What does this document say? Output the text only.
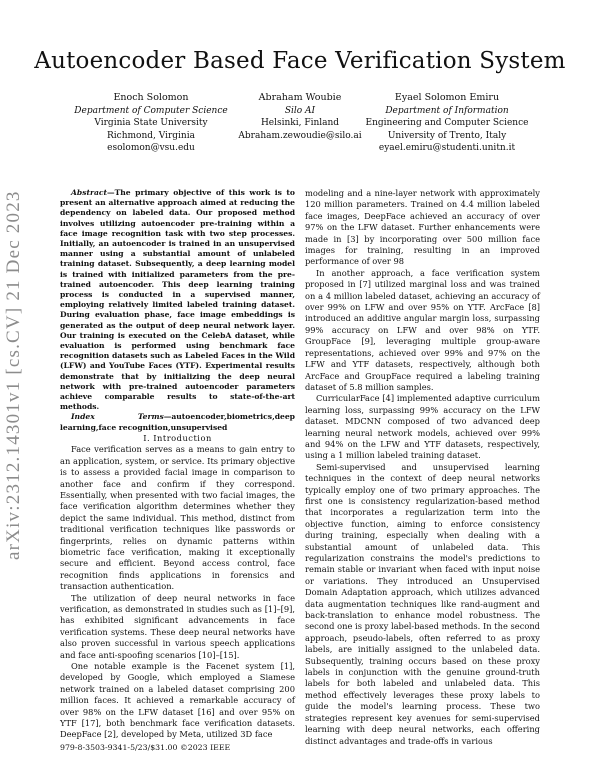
Autoencoder Based Face Verification System
Enoch Solomon
Department of Computer Science
Virginia State University
Richmond, Virginia
esolomon@vsu.edu
Abraham Woubie
Silo AI
Helsinki, Finland
Abraham.zewoudie@silo.ai
Eyael Solomon Emiru
Department of Information
Engineering and Computer Science
University of Trento, Italy
eyael.emiru@studenti.unitn.it
arXiv:2312.14301v1 [cs.CV] 21 Dec 2023	Abstract—The primary objective of this work is to present an alternative approach aimed at reducing the dependency on labeled data. Our proposed method involves utilizing autoencoder pre-training within a face image recognition task with two step processes. Initially, an autoencoder is trained in an unsupervised manner using a substantial amount of unlabeled training dataset. Subsequently, a deep learning model is trained with initialized parameters from the pre-trained autoencoder. This deep learning training process is conducted in a supervised manner, employing relatively limited labeled training dataset. During evaluation phase, face image embeddings is generated as the output of deep neural network layer. Our training is executed on the CelebA dataset, while evaluation is performed using benchmark face recognition datasets such as Labeled Faces in the Wild (LFW) and YouTube Faces (YTF). Experimental results demonstrate that by initializing the deep neural network with pre-trained autoencoder parameters achieve comparable results to state-of-the-art methods.

Index Terms—autoencoder,biometrics,deep learning,face recognition,unsupervised

I. Introduction

Face verification serves as a means to gain entry to an application, system, or service. Its primary objective is to assess a provided facial image in comparison to another face and confirm if they correspond. Essentially, when presented with two facial images, the face verification algorithm determines whether they depict the same individual. This method, distinct from traditional verification techniques like passwords or fingerprints, relies on dynamic patterns within biometric face verification, making it exceptionally secure and efficient. Beyond access control, face recognition finds applications in forensics and transaction authentication.

The utilization of deep neural networks in face verification, as demonstrated in studies such as [1]–[9], has exhibited significant advancements in face verification systems. These deep neural networks have also proven successful in various speech applications and face anti-spoofing scenarios [10]–[15].

One notable example is the Facenet system [1], developed by Google, which employed a Siamese network trained on a labeled dataset comprising 200 million faces. It achieved a remarkable accuracy of over 98% on the LFW dataset [16] and over 95% on YTF [17], both benchmark face verification datasets. DeepFace [2], developed by Meta, utilized 3D face

modeling and a nine-layer network with approximately 120 million parameters. Trained on 4.4 million labeled face images, DeepFace achieved an accuracy of over 97% on the LFW dataset. Further enhancements were made in [3] by incorporating over 500 million face images for training, resulting in an improved performance of over 98

In another approach, a face verification system proposed in [7] utilized marginal loss and was trained on a 4 million labeled dataset, achieving an accuracy of over 99% on LFW and over 95% on YTF. ArcFace [8] introduced an additive angular margin loss, surpassing 99% accuracy on LFW and over 98% on YTF. GroupFace [9], leveraging multiple group-aware representations, achieved over 99% and 97% on the LFW and YTF datasets, respectively, although both ArcFace and GroupFace required a labeling training dataset of 5.8 million samples.

CurricularFace [4] implemented adaptive curriculum learning loss, surpassing 99% accuracy on the LFW dataset. MDCNN composed of two advanced deep learning neural network models, achieved over 99% and 94% on the LFW and YTF datasets, respectively, using a 1 million labeled training dataset.

Semi-supervised and unsupervised learning techniques in the context of deep neural networks typically employ one of two primary approaches. The first one is consistency regularization-based method that incorporates a regularization term into the objective function, aiming to enforce consistency during training, especially when dealing with a substantial amount of unlabeled data. This regularization constrains the model's predictions to remain stable or invariant when faced with input noise or variations. They introduced an Unsupervised Domain Adaptation approach, which utilizes advanced data augmentation techniques like rand-augment and back-translation to enhance model robustness. The second one is proxy label-based methods. In the second approach, pseudo-labels, often referred to as proxy labels, are initially assigned to the unlabeled data. Subsequently, training occurs based on these proxy labels in conjunction with the genuine ground-truth labels for both labeled and unlabeled data. This method effectively leverages these proxy labels to guide the model's learning process. These two strategies represent key avenues for semi-supervised learning with deep neural networks, each offering distinct advantages and trade-offs in various

979-8-3503-9341-5/23/$31.00 ©2023 IEEE
